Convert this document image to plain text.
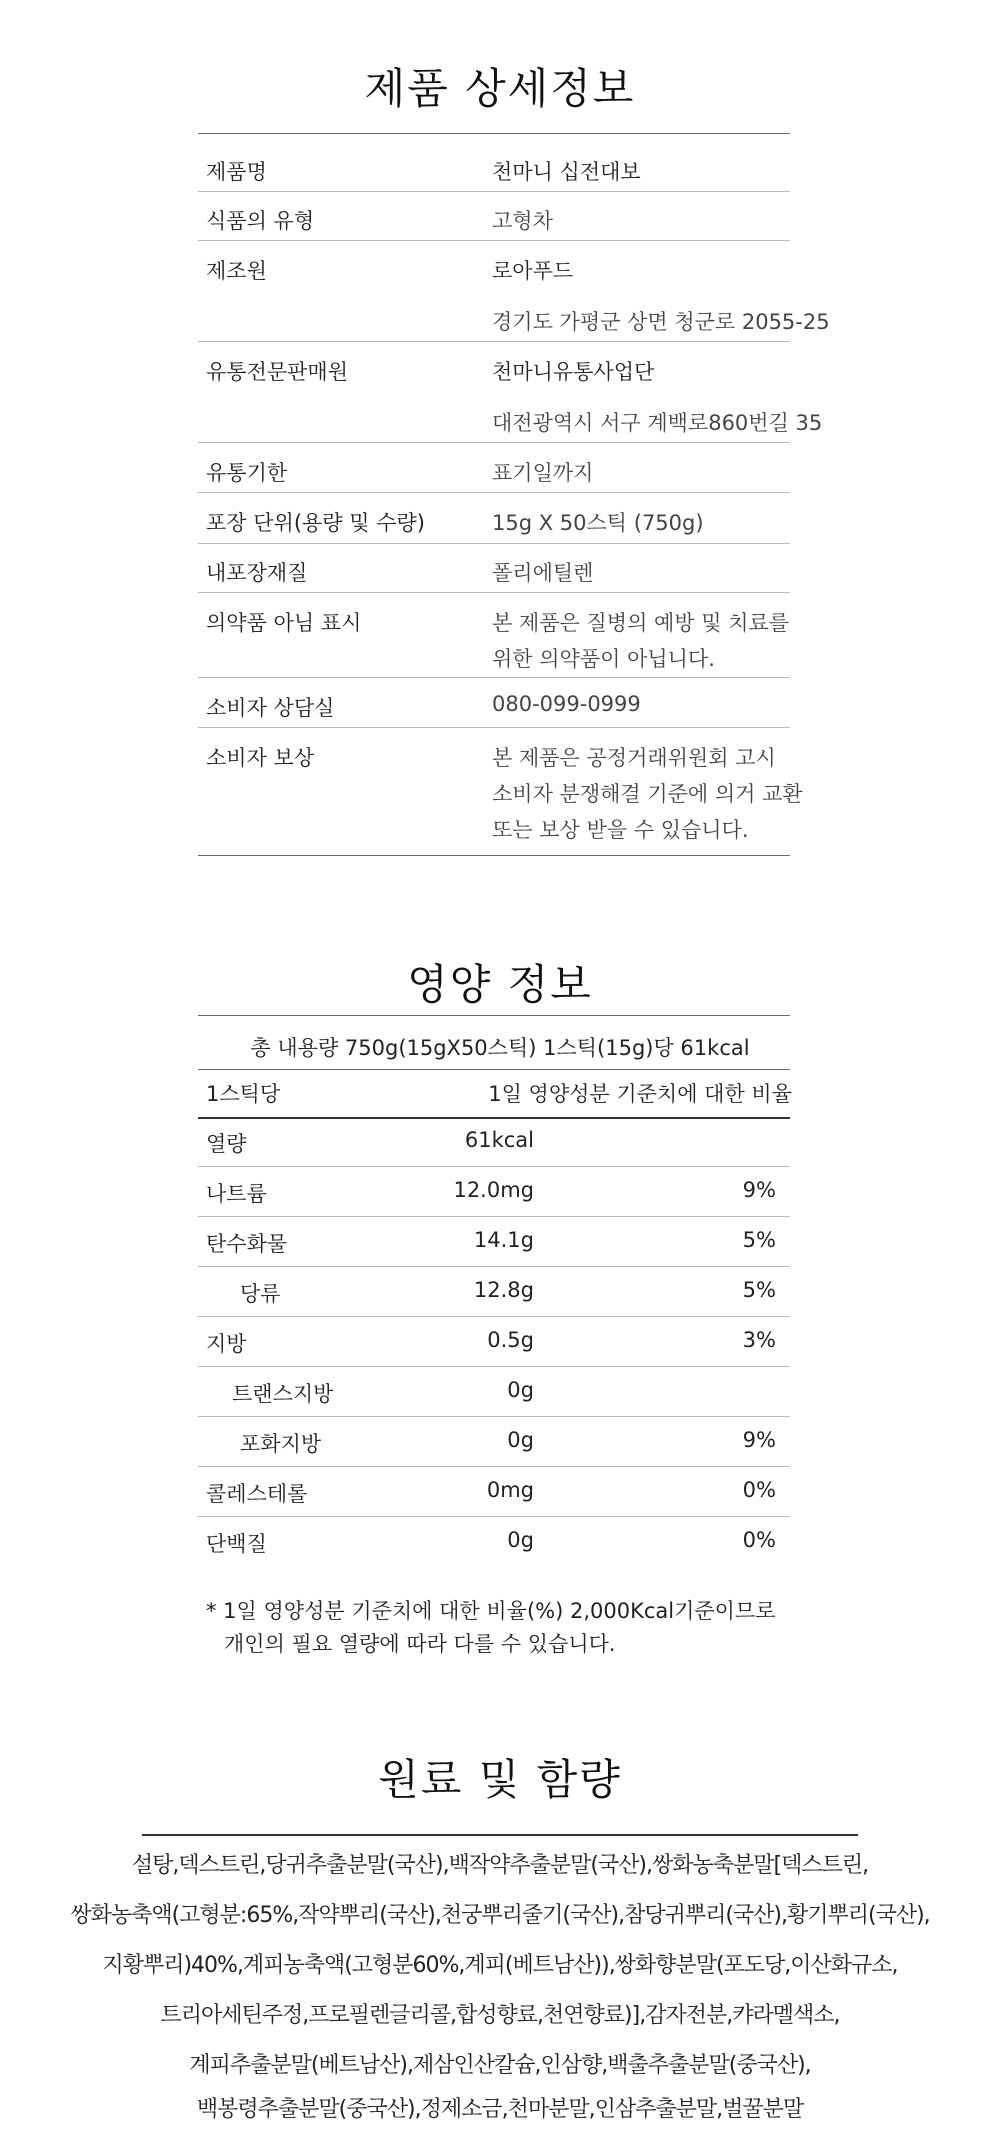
제품 상세정보
제품명	천마니 십전대보
식품의 유형	고형차
제조원	로아푸드
경기도 가평군 상면 청군로 2055-25
유통전문판매원	천마니유통사업단
대전광역시 서구 계백로860번길 35
유통기한	표기일까지
포장 단위(용량 및 수량)	15g X 50스틱 (750g)
내포장재질	폴리에틸렌
의약품 아님 표시	본 제품은 질병의 예방 및 치료를
위한 의약품이 아닙니다.
소비자 상담실	080-099-0999
소비자 보상	본 제품은 공정거래위원회 고시
소비자 분쟁해결 기준에 의거 교환
또는 보상 받을 수 있습니다.
영양 정보
총 내용량 750g(15gX50스틱) 1스틱(15g)당 61kcal
1스틱당	1일 영양성분 기준치에 대한 비율
열량	61kcal
나트륨	12.0mg	9%
탄수화물	14.1g	5%
당류	12.8g	5%
지방	0.5g	3%
트랜스지방	0g
포화지방	0g	9%
콜레스테롤	0mg	0%
단백질	0g	0%
* 1일 영양성분 기준치에 대한 비율(%) 2,000Kcal기준이므로
개인의 필요 열량에 따라 다를 수 있습니다.
원료 및 함량
설탕,덱스트린,당귀추출분말(국산),백작약추출분말(국산),쌍화농축분말[덱스트린,
쌍화농축액(고형분:65%,작약뿌리(국산),천궁뿌리줄기(국산),참당귀뿌리(국산),황기뿌리(국산),
지황뿌리)40%,계피농축액(고형분60%,계피(베트남산)),쌍화향분말(포도당,이산화규소,
트리아세틴주정,프로필렌글리콜,합성향료,천연향료)],감자전분,캬라멜색소,
계피추출분말(베트남산),제삼인산칼슘,인삼향,백출추출분말(중국산),
백봉령추출분말(중국산),정제소금,천마분말,인삼추출분말,벌꿀분말
